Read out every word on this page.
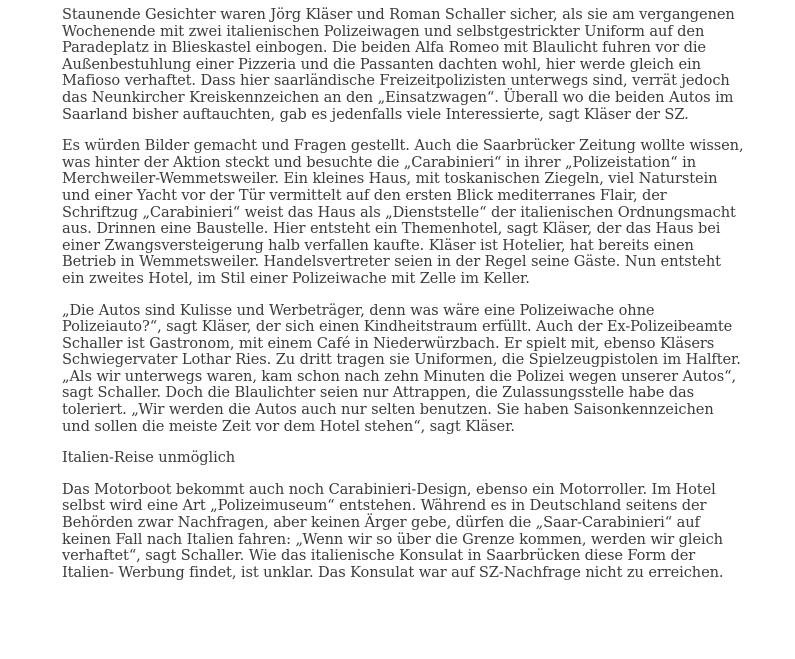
Staunende Gesichter waren Jörg Kläser und Roman Schaller sicher, als sie am vergangenen Wochenende mit zwei italienischen Polizeiwagen und selbstgestrickter Uniform auf den Paradeplatz in Blieskastel einbogen. Die beiden Alfa Romeo mit Blaulicht fuhren vor die Außenbestuhlung einer Pizzeria und die Passanten dachten wohl, hier werde gleich ein Mafioso verhaftet. Dass hier saarländische Freizeitpolizisten unterwegs sind, verrät jedoch das Neunkircher Kreiskennzeichen an den „Einsatzwagen“. Überall wo die beiden Autos im Saarland bisher auftauchten, gab es jedenfalls viele Interessierte, sagt Kläser der SZ.

Es würden Bilder gemacht und Fragen gestellt. Auch die Saarbrücker Zeitung wollte wissen, was hinter der Aktion steckt und besuchte die „Carabinieri“ in ihrer „Polizeistation“ in Merchweiler-Wemmetsweiler. Ein kleines Haus, mit toskanischen Ziegeln, viel Naturstein und einer Yacht vor der Tür vermittelt auf den ersten Blick mediterranes Flair, der Schriftzug „Carabinieri“ weist das Haus als „Dienststelle“ der italienischen Ordnungsmacht aus. Drinnen eine Baustelle. Hier entsteht ein Themenhotel, sagt Kläser, der das Haus bei einer Zwangsversteigerung halb verfallen kaufte. Kläser ist Hotelier, hat bereits einen Betrieb in Wemmetsweiler. Handelsvertreter seien in der Regel seine Gäste. Nun entsteht ein zweites Hotel, im Stil einer Polizeiwache mit Zelle im Keller.

„Die Autos sind Kulisse und Werbeträger, denn was wäre eine Polizeiwache ohne Polizeiauto?“, sagt Kläser, der sich einen Kindheitstraum erfüllt. Auch der Ex-Polizeibeamte Schaller ist Gastronom, mit einem Café in Niederwürzbach. Er spielt mit, ebenso Kläsers Schwiegervater Lothar Ries. Zu dritt tragen sie Uniformen, die Spielzeugpistolen im Halfter. „Als wir unterwegs waren, kam schon nach zehn Minuten die Polizei wegen unserer Autos“, sagt Schaller. Doch die Blaulichter seien nur Attrappen, die Zulassungsstelle habe das toleriert. „Wir werden die Autos auch nur selten benutzen. Sie haben Saisonkennzeichen und sollen die meiste Zeit vor dem Hotel stehen“, sagt Kläser.

Italien-Reise unmöglich

Das Motorboot bekommt auch noch Carabinieri-Design, ebenso ein Motorroller. Im Hotel selbst wird eine Art „Polizeimuseum“ entstehen. Während es in Deutschland seitens der Behörden zwar Nachfragen, aber keinen Ärger gebe, dürfen die „Saar-Carabinieri“ auf keinen Fall nach Italien fahren: „Wenn wir so über die Grenze kommen, werden wir gleich verhaftet“, sagt Schaller. Wie das italienische Konsulat in Saarbrücken diese Form der Italien- Werbung findet, ist unklar. Das Konsulat war auf SZ-Nachfrage nicht zu erreichen.
